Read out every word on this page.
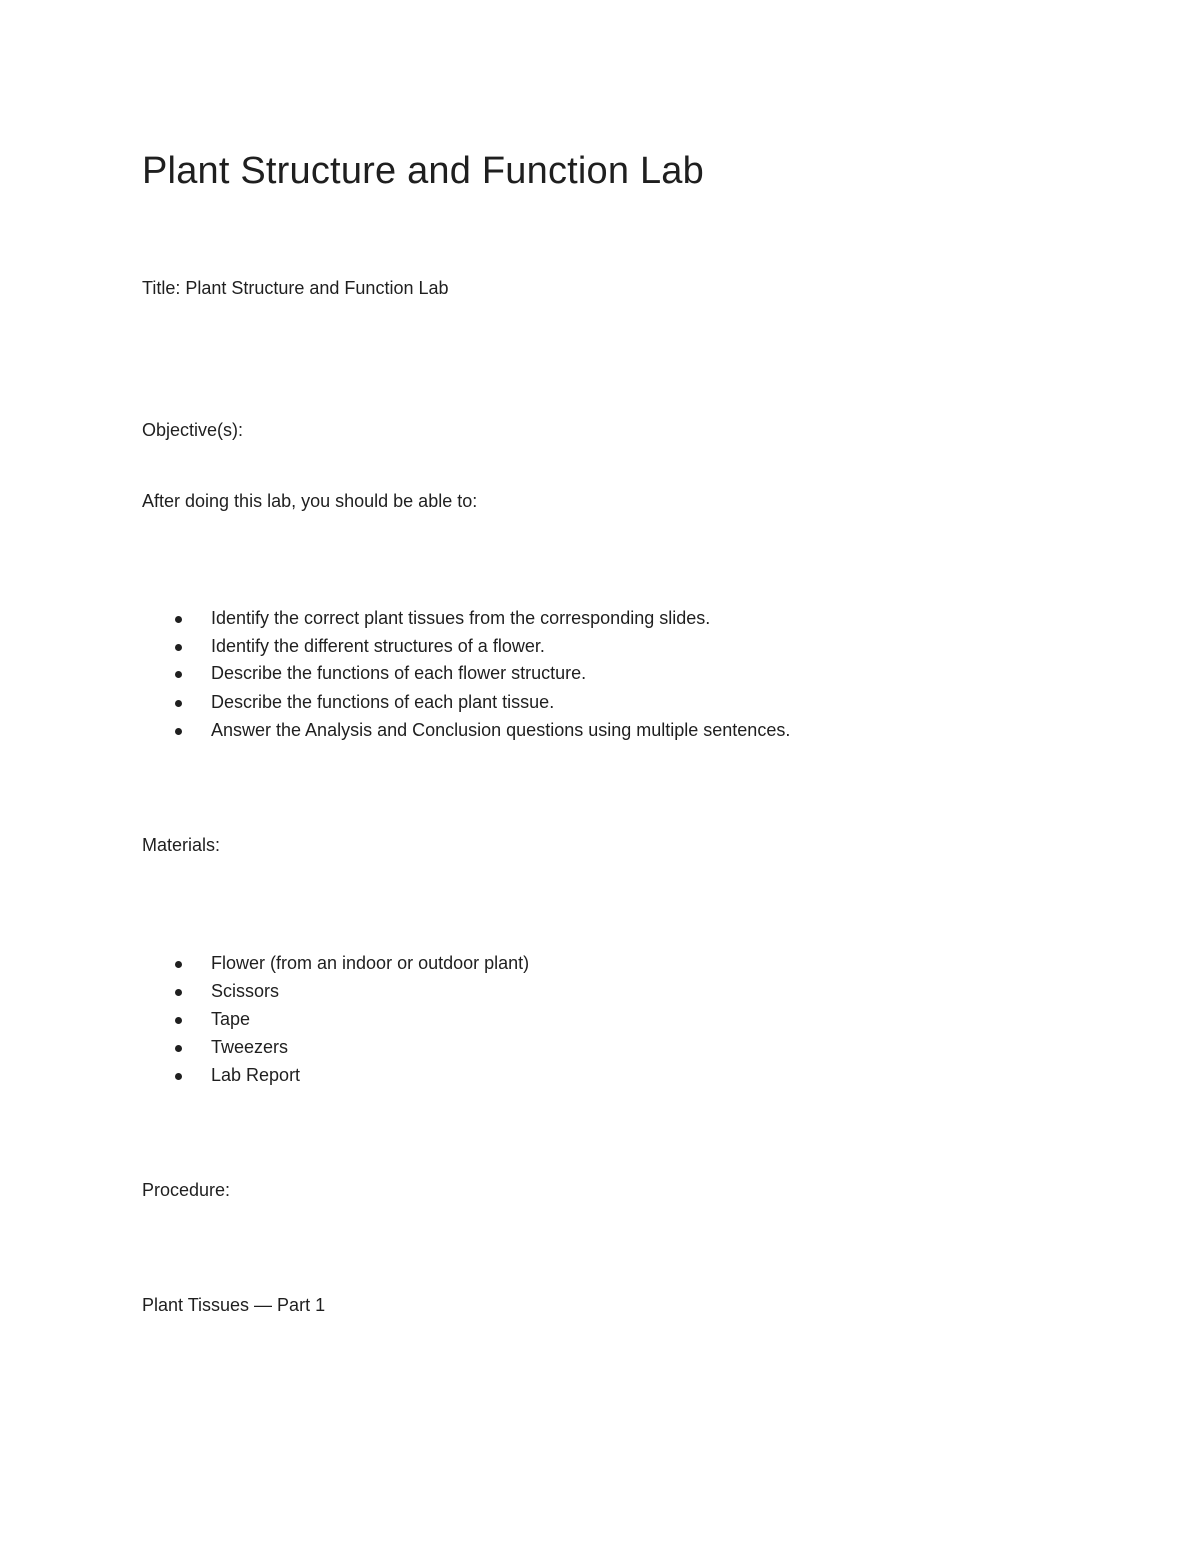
Plant Structure and Function Lab

Title: Plant Structure and Function Lab

Objective(s):

After doing this lab, you should be able to:

Identify the correct plant tissues from the corresponding slides.
Identify the different structures of a flower.
Describe the functions of each flower structure.
Describe the functions of each plant tissue.
Answer the Analysis and Conclusion questions using multiple sentences.

Materials:

Flower (from an indoor or outdoor plant)
Scissors
Tape
Tweezers
Lab Report

Procedure:

Plant Tissues — Part 1
